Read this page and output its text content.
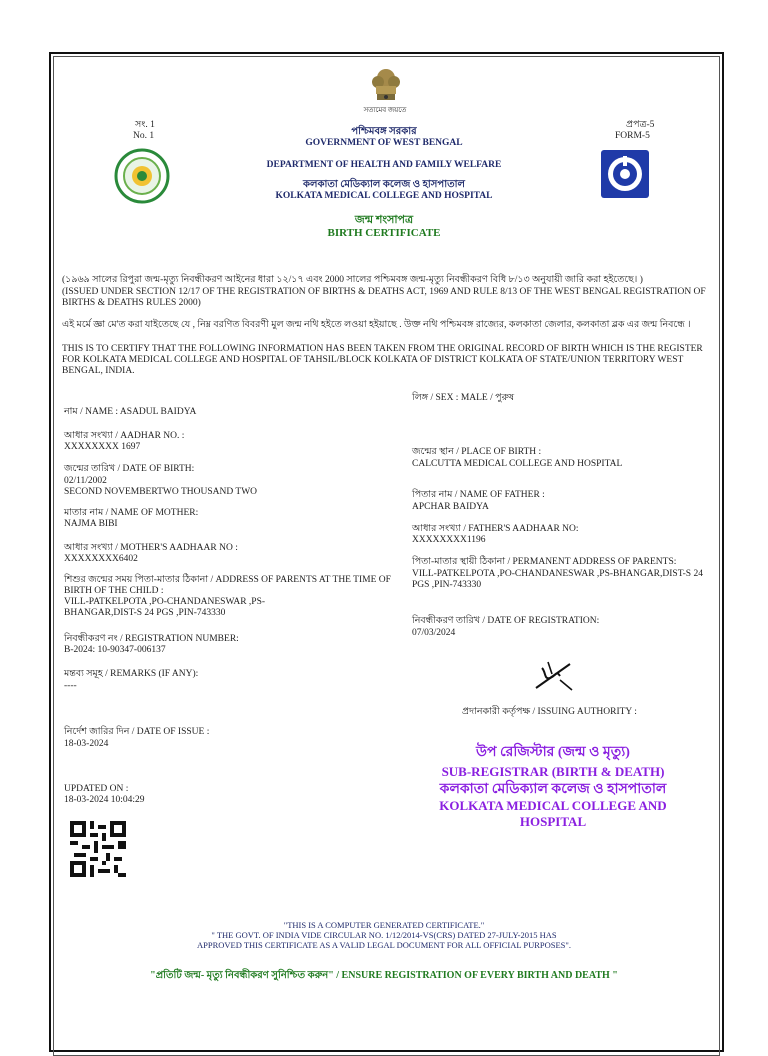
সত্যমেব জয়তে
সং. 1
No. 1
প্রপত্র-5
FORM-5
পশ্চিমবঙ্গ সরকার
GOVERNMENT OF WEST BENGAL
DEPARTMENT OF HEALTH AND FAMILY WELFARE
কলকাতা মেডিক্যাল কলেজ ও হাসপাতাল
KOLKATA MEDICAL COLLEGE AND HOSPITAL
জন্ম শংসাপত্র
BIRTH CERTIFICATE
(১৯৬৯ সালের রিপুরা জন্ম-মৃত্যু নিবন্ধীকরণ আইনের ধারা ১২/১৭ এবং 2000 সালের পশ্চিমবঙ্গ জন্ম-মৃত্যু নিবন্ধীকরণ বিধি ৮/১৩ অনুযায়ী জারি করা হইতেছে। )
(ISSUED UNDER SECTION 12/17 OF THE REGISTRATION OF BIRTHS & DEATHS ACT, 1969 AND RULE 8/13 OF THE WEST BENGAL REGISTRATION OF BIRTHS & DEATHS RULES 2000)
এই মর্মে জ্ঞা মে'ত করা যাইতেছে যে , নিম্ন বরণিত বিবরণী মুল জন্ম নথি হইতে লওয়া হইয়াছে . উক্ত নথি পশ্চিমবঙ্গ রাজ্যের, কলকাতা জেলার, কলকাতা ব্লক এর জন্ম নিবন্ধে ।
THIS IS TO CERTIFY THAT THE FOLLOWING INFORMATION HAS BEEN TAKEN FROM THE ORIGINAL RECORD OF BIRTH WHICH IS THE REGISTER FOR KOLKATA MEDICAL COLLEGE AND HOSPITAL OF TAHSIL/BLOCK KOLKATA OF DISTRICT KOLKATA OF STATE/UNION TERRITORY WEST BENGAL, INDIA.
নাম / NAME : ASADUL BAIDYA
আধার সংখ্যা / AADHAR NO. :
XXXXXXXX 1697
জন্মের তারিখ / DATE OF BIRTH:
02/11/2002
SECOND NOVEMBERTWO THOUSAND TWO
মাতার নাম / NAME OF MOTHER:
NAJMA BIBI
আধার সংখ্যা / MOTHER'S AADHAAR NO :
XXXXXXXX6402
শিশুর জন্মের সময় পিতা-মাতার ঠিকানা / ADDRESS OF PARENTS AT THE TIME OF BIRTH OF THE CHILD :
VILL-PATKELPOTA ,PO-CHANDANESWAR ,PS-BHANGAR,DIST-S 24 PGS ,PIN-743330
নিবন্ধীকরণ নং / REGISTRATION NUMBER:
B-2024: 10-90347-006137
মন্তব্য সমূহ / REMARKS (IF ANY):
----
নির্দেশ জারির দিন / DATE OF ISSUE :
18-03-2024
UPDATED ON :
18-03-2024 10:04:29
লিঙ্গ / SEX : MALE / পুরুষ
জন্মের স্থান / PLACE OF BIRTH :
CALCUTTA MEDICAL COLLEGE AND HOSPITAL
পিতার নাম / NAME OF FATHER :
APCHAR BAIDYA
আধার সংখ্যা / FATHER'S AADHAAR NO:
XXXXXXXX1196
পিতা-মাতার স্থায়ী ঠিকানা / PERMANENT ADDRESS OF PARENTS:
VILL-PATKELPOTA ,PO-CHANDANESWAR ,PS-BHANGAR,DIST-S 24 PGS ,PIN-743330
নিবন্ধীকরণ তারিখ / DATE OF REGISTRATION:
07/03/2024
প্রদানকারী কর্তৃপক্ষ / ISSUING AUTHORITY :
উপ রেজিস্টার (জন্ম ও মৃত্যু)
SUB-REGISTRAR (BIRTH & DEATH)
কলকাতা মেডিক্যাল কলেজ ও হাসপাতাল
KOLKATA MEDICAL COLLEGE AND
HOSPITAL
"THIS IS A COMPUTER GENERATED CERTIFICATE."
" THE GOVT. OF INDIA VIDE CIRCULAR NO. 1/12/2014-VS(CRS) DATED 27-JULY-2015 HAS
APPROVED THIS CERTIFICATE AS A VALID LEGAL DOCUMENT FOR ALL OFFICIAL PURPOSES".
"প্রতিটি জন্ম- মৃত্যু নিবন্ধীকরণ সুনিশ্চিত করুন" / ENSURE REGISTRATION OF EVERY BIRTH AND DEATH "
